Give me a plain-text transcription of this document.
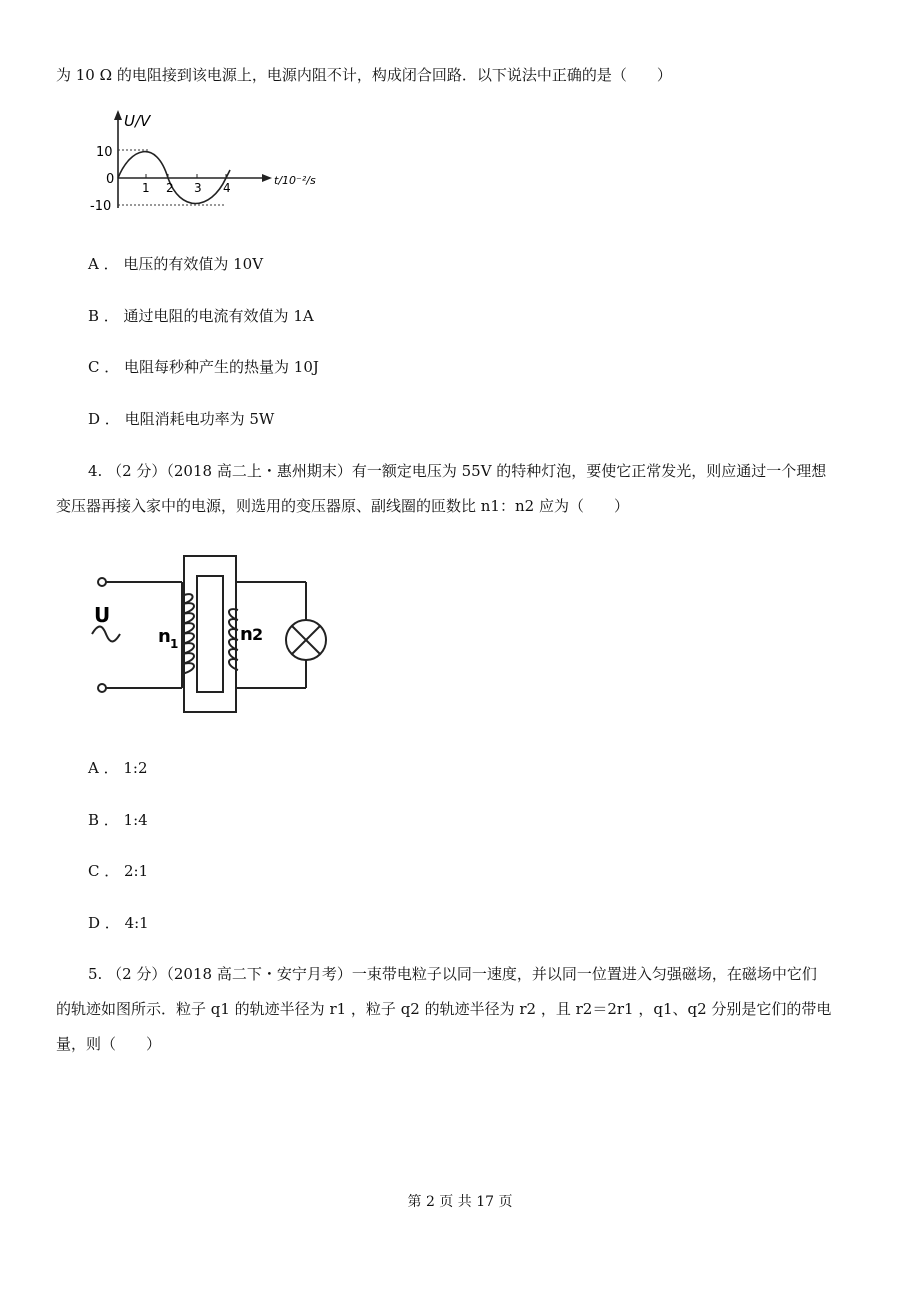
为 10 Ω 的电阻接到该电源上，电源内阻不计，构成闭合回路．以下说法中正确的是（　　）
U/V
10
0
-10
1 2 3 4
t/10⁻²/s
A ． 电压的有效值为 10V
B ． 通过电阻的电流有效值为 1A
C ． 电阻每秒种产生的热量为 10J
D ． 电阻消耗电功率为 5W
4. （2 分）（2018 高二上・惠州期末）有一额定电压为 55V 的特种灯泡，要使它正常发光，则应通过一个理想
变压器再接入家中的电源，则选用的变压器原、副线圈的匝数比 n1：n2 应为（　　）
U
n 1	n 2
A ． 1:2
B ． 1:4
C ． 2:1
D ． 4:1
5. （2 分）（2018 高二下・安宁月考）一束带电粒子以同一速度，并以同一位置进入匀强磁场，在磁场中它们
的轨迹如图所示．粒子 q1 的轨迹半径为 r1 ，粒子 q2 的轨迹半径为 r2 ，且 r2＝2r1 ，q1、q2 分别是它们的带电
量，则（　　）
第 2 页 共 17 页
